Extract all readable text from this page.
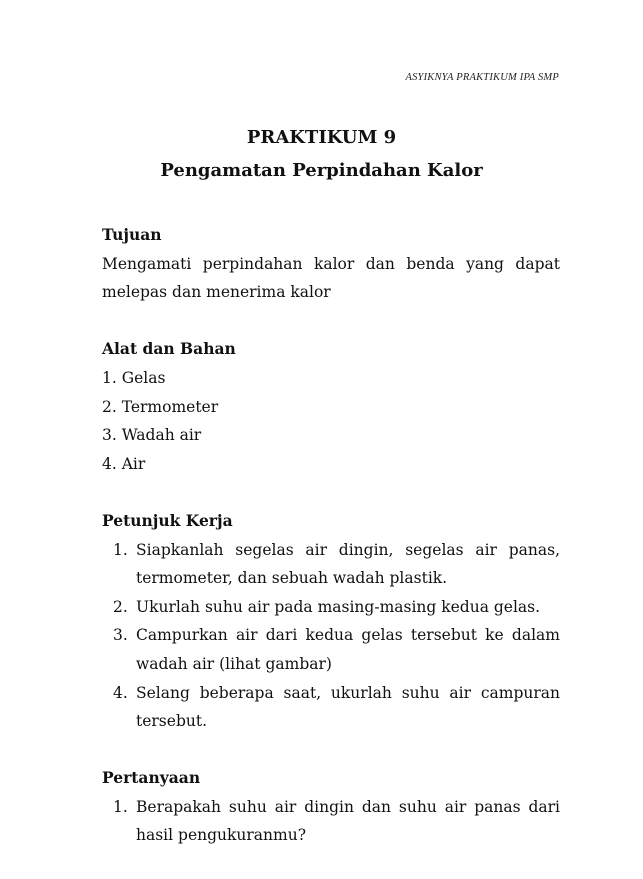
ASYIKNYA PRAKTIKUM IPA SMP
PRAKTIKUM 9
Pengamatan Perpindahan Kalor

Tujuan

Mengamati perpindahan kalor dan benda yang dapat melepas dan menerima kalor

Alat dan Bahan

1. Gelas
2. Termometer
3. Wadah air
4. Air

Petunjuk Kerja

1. Siapkanlah segelas air dingin, segelas air panas, termometer, dan sebuah wadah plastik.
2. Ukurlah suhu air pada masing-masing kedua gelas.
3. Campurkan air dari kedua gelas tersebut ke dalam wadah air (lihat gambar)
4. Selang beberapa saat, ukurlah suhu air campuran tersebut.

Pertanyaan

1. Berapakah suhu air dingin dan suhu air panas dari hasil pengukuranmu?
